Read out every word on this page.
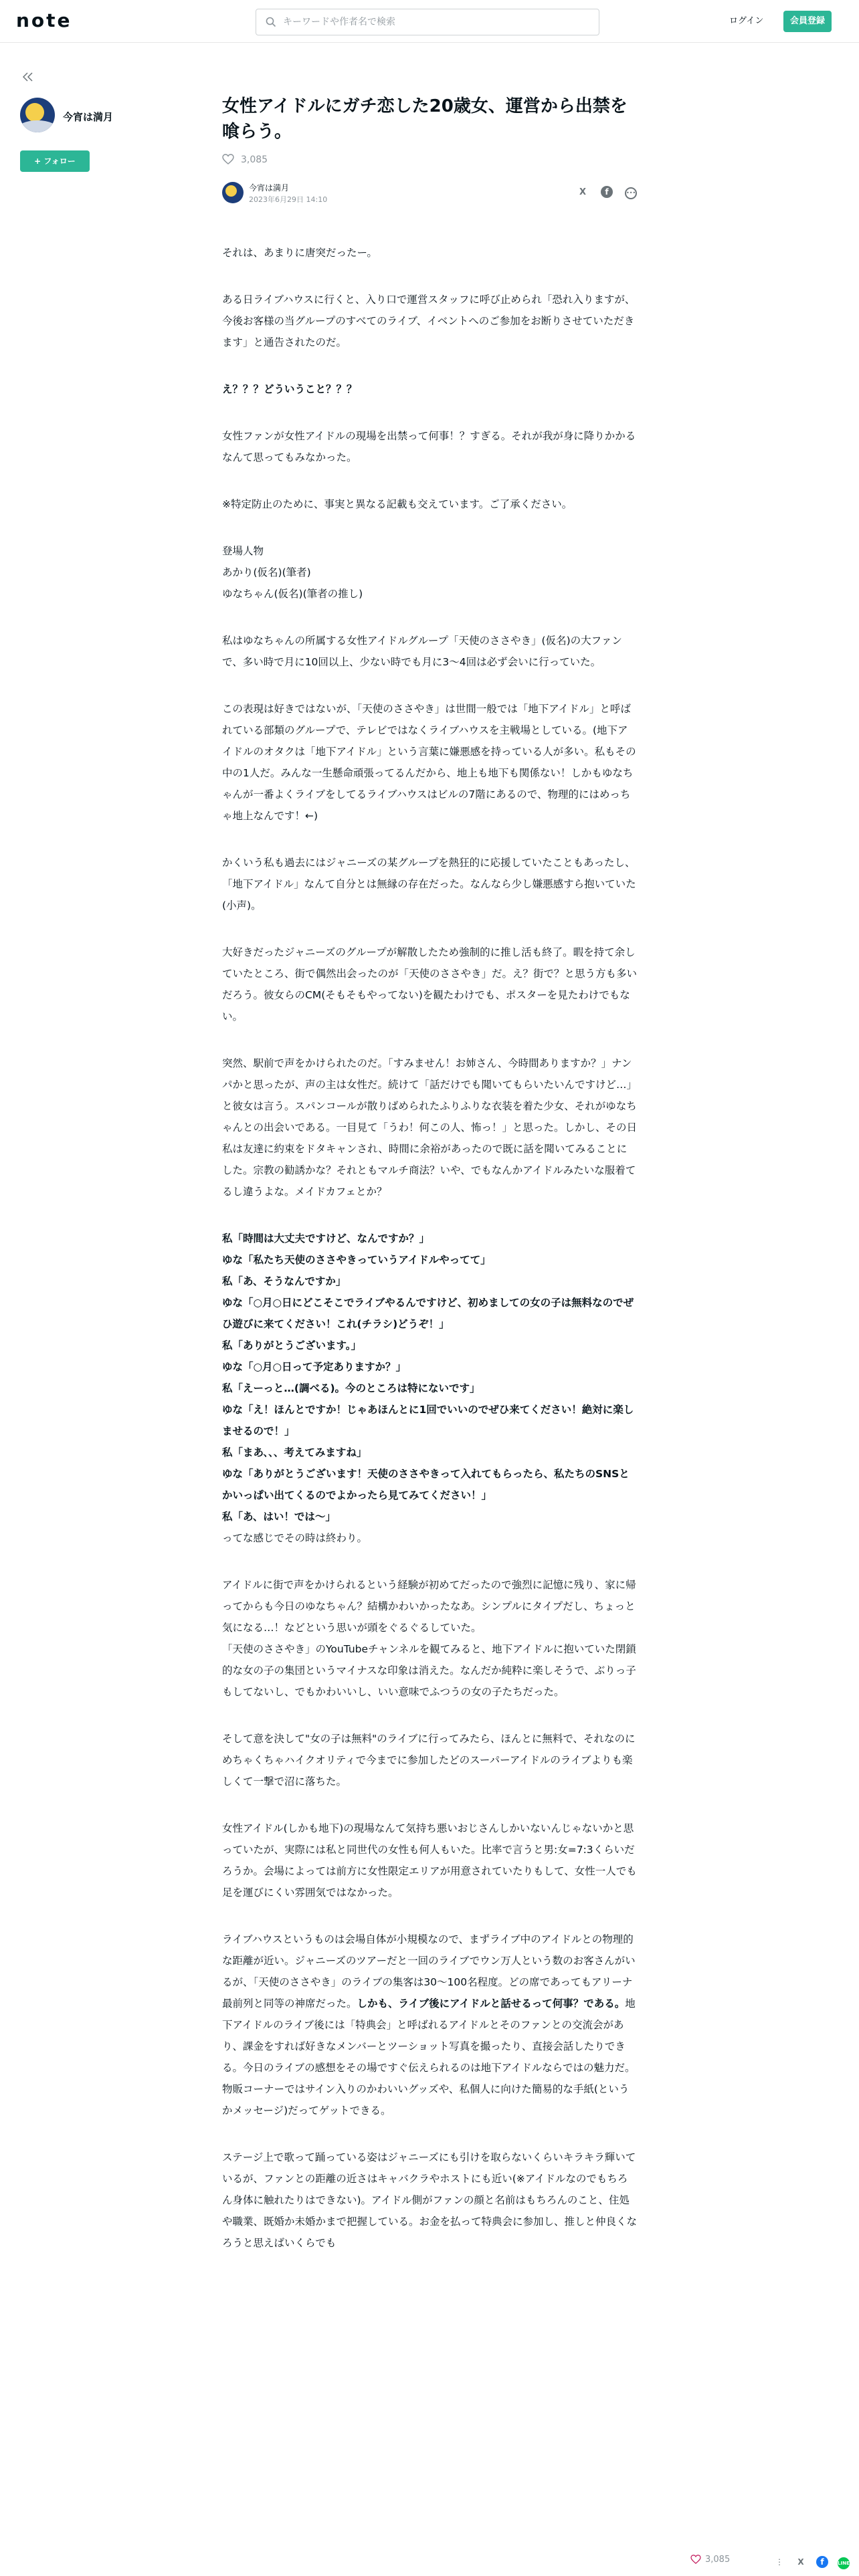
note
キーワードや作者名で検索	ログイン	会員登録
今宵は満月
+ フォロー
女性アイドルにガチ恋した20歳女、運営から出禁を喰らう。
3,085
今宵は満月
2023年6月29日 14:10
X f	•••

それは、あまりに唐突だったー。

ある日ライブハウスに行くと、入り口で運営スタッフに呼び止められ「恐れ入りますが、今後お客様の当グループのすべてのライブ、イベントへのご参加をお断りさせていただきます」と通告されたのだ。

え？？？どういうこと？？？

女性ファンが女性アイドルの現場を出禁って何事！？すぎる。それが我が身に降りかかるなんて思ってもみなかった。

※特定防止のために、事実と異なる記載も交えています。ご了承ください。

登場人物
あかり(仮名)(筆者)
ゆなちゃん(仮名)(筆者の推し)

私はゆなちゃんの所属する女性アイドルグループ「天使のささやき」(仮名)の大ファンで、多い時で月に10回以上、少ない時でも月に3〜4回は必ず会いに行っていた。

この表現は好きではないが、「天使のささやき」は世間一般では「地下アイドル」と呼ばれている部類のグループで、テレビではなくライブハウスを主戦場としている。(地下アイドルのオタクは「地下アイドル」という言葉に嫌悪感を持っている人が多い。私もその中の1人だ。みんな一生懸命頑張ってるんだから、地上も地下も関係ない！しかもゆなちゃんが一番よくライブをしてるライブハウスはビルの7階にあるので、物理的にはめっちゃ地上なんです！←)

かくいう私も過去にはジャニーズの某グループを熱狂的に応援していたこともあったし、「地下アイドル」なんて自分とは無縁の存在だった。なんなら少し嫌悪感すら抱いていた(小声)。

大好きだったジャニーズのグループが解散したため強制的に推し活も終了。暇を持て余していたところ、街で偶然出会ったのが「天使のささやき」だ。え？街で？と思う方も多いだろう。彼女らのCM(そもそもやってない)を観たわけでも、ポスターを見たわけでもない。

突然、駅前で声をかけられたのだ。「すみません！お姉さん、今時間ありますか？」ナンパかと思ったが、声の主は女性だ。続けて「話だけでも聞いてもらいたいんですけど…」と彼女は言う。スパンコールが散りばめられたふりふりな衣装を着た少女、それがゆなちゃんとの出会いである。一目見て「うわ！何この人、怖っ！」と思った。しかし、その日私は友達に約束をドタキャンされ、時間に余裕があったので既に話を聞いてみることにした。宗教の勧誘かな？それともマルチ商法？いや、でもなんかアイドルみたいな服着てるし違うよな。メイドカフェとか？

私「時間は大丈夫ですけど、なんですか？」
ゆな「私たち天使のささやきっていうアイドルやってて」
私「あ、そうなんですか」
ゆな「○月○日にどこそこでライブやるんですけど、初めましての女の子は無料なのでぜひ遊びに来てください！これ(チラシ)どうぞ！」
私「ありがとうございます。」
ゆな「○月○日って予定ありますか？」
私「えーっと…(調べる)。今のところは特にないです」
ゆな「え！ほんとですか！じゃあほんとに1回でいいのでぜひ来てください！絶対に楽しませるので！」
私「まあ、、、考えてみますね」
ゆな「ありがとうございます！天使のささやきって入れてもらったら、私たちのSNSとかいっぱい出てくるのでよかったら見てみてください！」
私「あ、はい！では〜」
ってな感じでその時は終わり。

アイドルに街で声をかけられるという経験が初めてだったので強烈に記憶に残り、家に帰ってからも今日のゆなちゃん？結構かわいかったなあ。シンプルにタイプだし、ちょっと気になる…！などという思いが頭をぐるぐるしていた。
「天使のささやき」のYouTubeチャンネルを観てみると、地下アイドルに抱いていた閉鎖的な女の子の集団というマイナスな印象は消えた。なんだか純粋に楽しそうで、ぶりっ子もしてないし、でもかわいいし、いい意味でふつうの女の子たちだった。

そして意を決して"女の子は無料"のライブに行ってみたら、ほんとに無料で、それなのにめちゃくちゃハイクオリティで今までに参加したどのスーパーアイドルのライブよりも楽しくて一撃で沼に落ちた。

女性アイドル(しかも地下)の現場なんて気持ち悪いおじさんしかいないんじゃないかと思っていたが、実際には私と同世代の女性も何人もいた。比率で言うと男:女=7:3くらいだろうか。会場によっては前方に女性限定エリアが用意されていたりもして、女性一人でも足を運びにくい雰囲気ではなかった。

ライブハウスというものは会場自体が小規模なので、まずライブ中のアイドルとの物理的な距離が近い。ジャニーズのツアーだと一回のライブでウン万人という数のお客さんがいるが、「天使のささやき」のライブの集客は30〜100名程度。どの席であってもアリーナ最前列と同等の神席だった。しかも、ライブ後にアイドルと話せるって何事？である。地下アイドルのライブ後には「特典会」と呼ばれるアイドルとそのファンとの交流会があり、課金をすれば好きなメンバーとツーショット写真を撮ったり、直接会話したりできる。今日のライブの感想をその場ですぐ伝えられるのは地下アイドルならではの魅力だ。物販コーナーではサイン入りのかわいいグッズや、私個人に向けた簡易的な手紙(というかメッセージ)だってゲットできる。

ステージ上で歌って踊っている姿はジャニーズにも引けを取らないくらいキラキラ輝いているが、ファンとの距離の近さはキャバクラやホストにも近い(※アイドルなのでもちろん身体に触れたりはできない)。アイドル側がファンの顔と名前はもちろんのこと、住処や職業、既婚か未婚かまで把握している。お金を払って特典会に参加し、推しと仲良くなろうと思えばいくらでも

3,085	⋮ X f	LINE
